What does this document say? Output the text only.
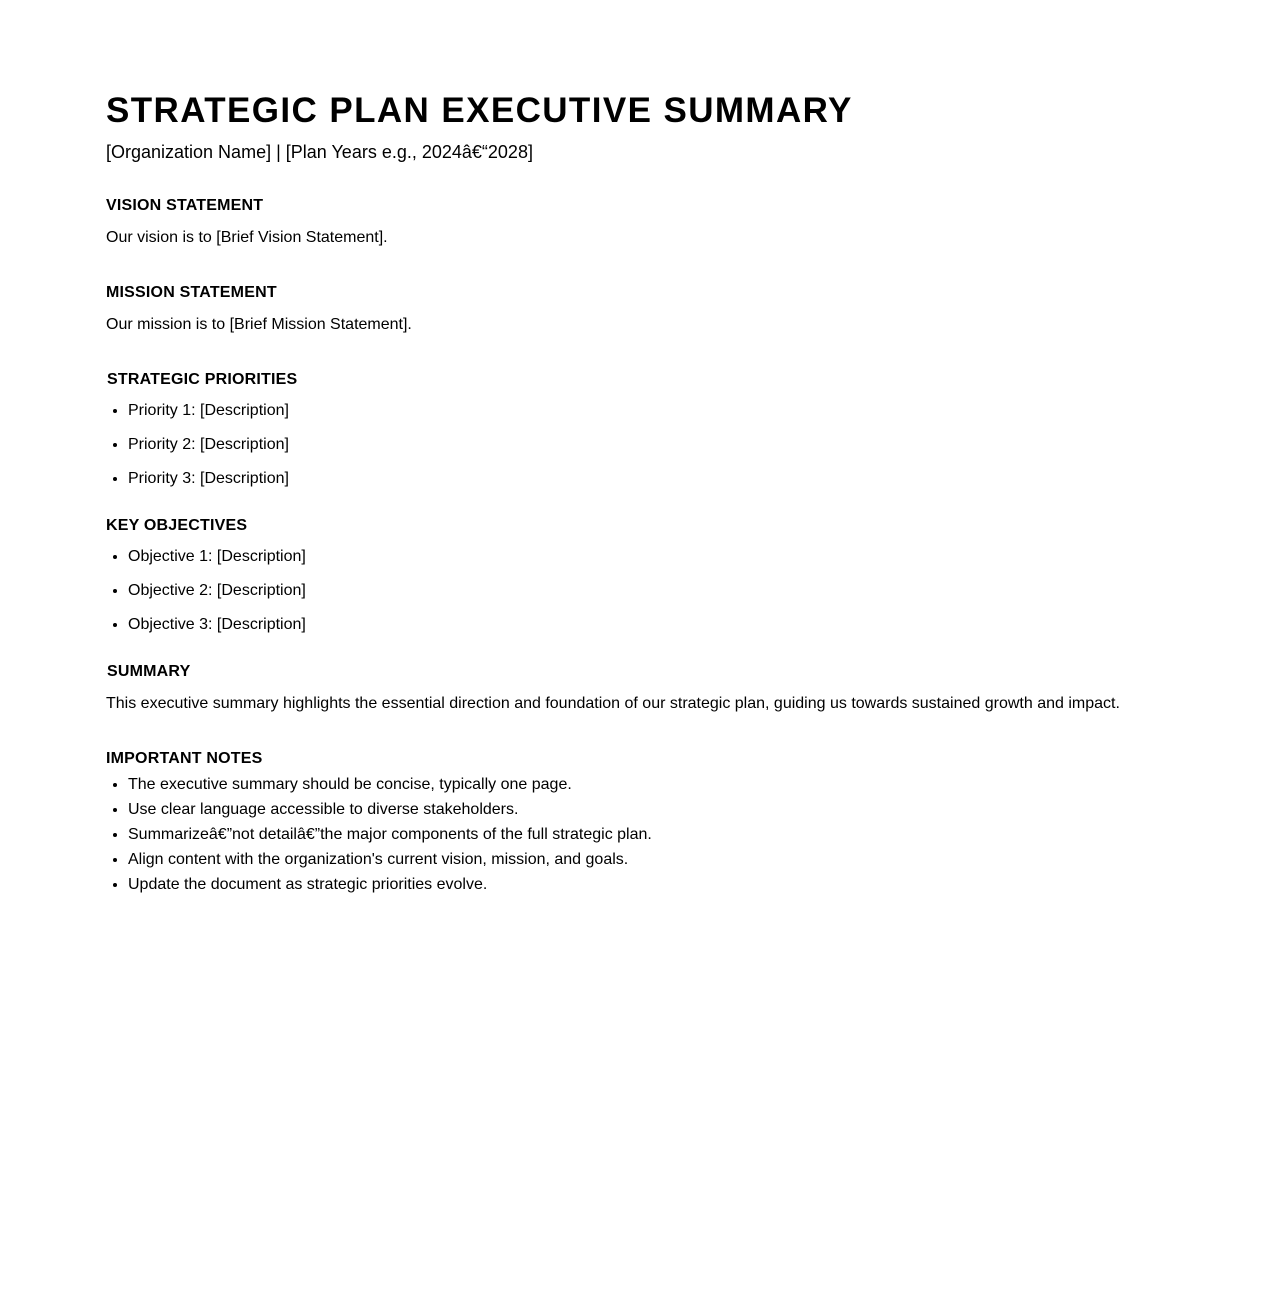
STRATEGIC PLAN EXECUTIVE SUMMARY

[Organization Name] | [Plan Years e.g., 2024â€“2028]

VISION STATEMENT

Our vision is to [Brief Vision Statement].

MISSION STATEMENT

Our mission is to [Brief Mission Statement].

STRATEGIC PRIORITIES
• Priority 1: [Description]
• Priority 2: [Description]
• Priority 3: [Description]
KEY OBJECTIVES
• Objective 1: [Description]
• Objective 2: [Description]
• Objective 3: [Description]
SUMMARY

This executive summary highlights the essential direction and foundation of our strategic plan, guiding us towards sustained growth and impact.

IMPORTANT NOTES
• The executive summary should be concise, typically one page.
• Use clear language accessible to diverse stakeholders.
• Summarizeâ€”not detailâ€”the major components of the full strategic plan.
• Align content with the organization's current vision, mission, and goals.
• Update the document as strategic priorities evolve.
